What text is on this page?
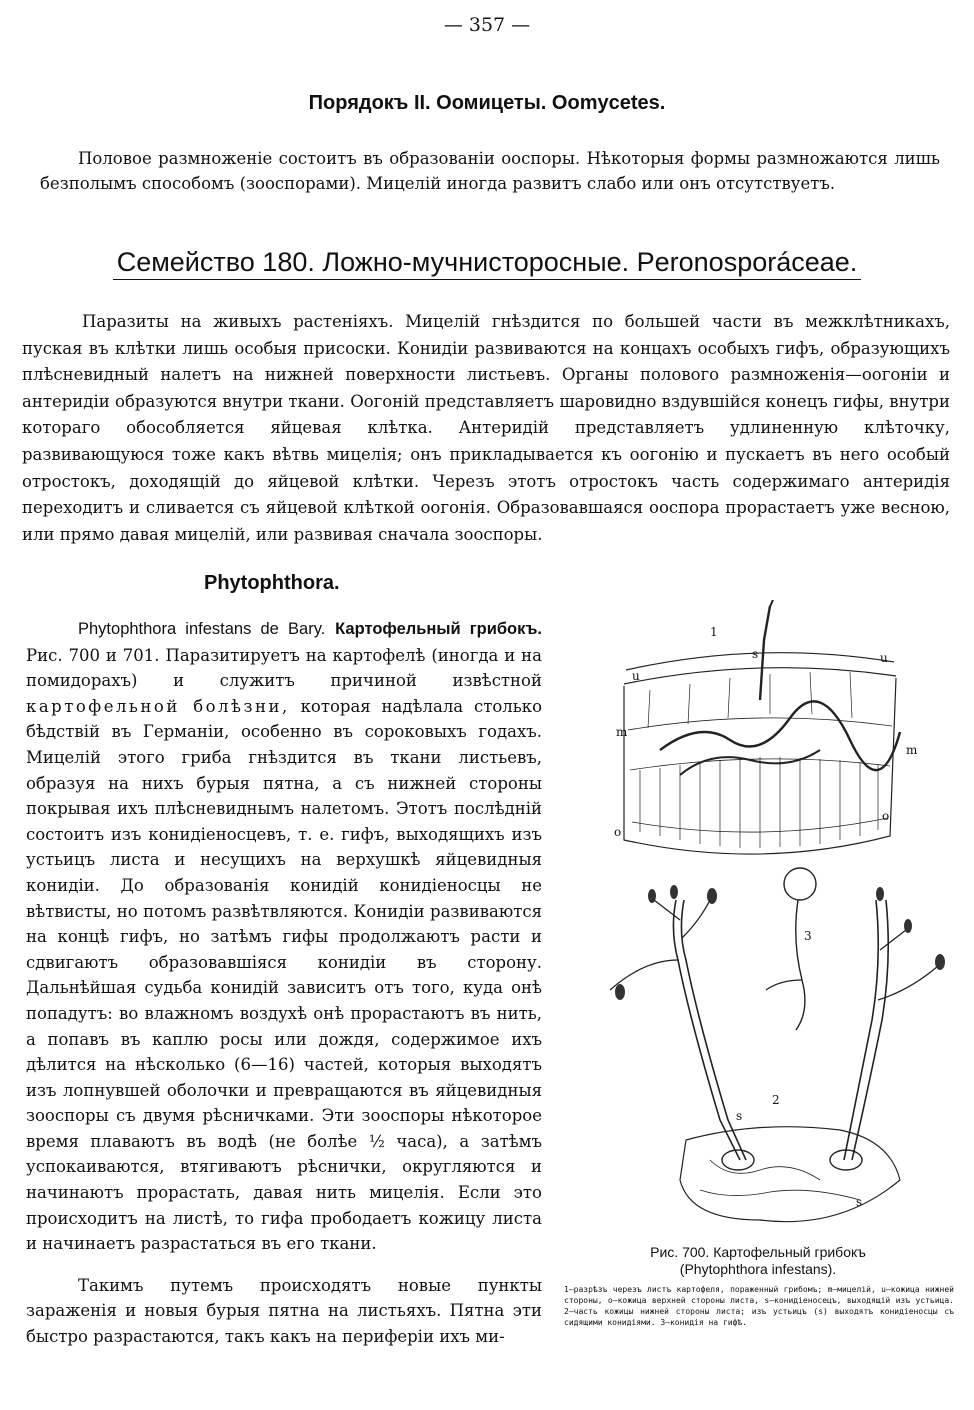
— 357 —
Порядокъ II. Оомицеты. Oomycetes.
Половое размноженіе состоитъ въ образованіи ооспоры. Нѣкоторыя формы размножаются лишь безполымъ способомъ (зооспорами). Мицелій иногда развитъ слабо или онъ отсутствуетъ.
Семейство 180. Ложно-мучнисторосные. Peronosporáceae.
Паразиты на живыхъ растеніяхъ. Мицелій гнѣздится по большей части въ межклѣтникахъ, пуская въ клѣтки лишь особыя присоски. Конидіи развиваются на концахъ особыхъ гифъ, образующихъ плѣсневидный налетъ на нижней поверхности листьевъ. Органы полового размноженія—оогоніи и антеридіи образуются внутри ткани. Оогоній представляетъ шаровидно вздувшійся конецъ гифы, внутри котораго обособляется яйцевая клѣтка. Антеридій представляетъ удлиненную клѣточку, развивающуюся тоже какъ вѣтвь мицелія; онъ прикладывается къ оогонію и пускаетъ въ него особый отростокъ, доходящій до яйцевой клѣтки. Черезъ этотъ отростокъ часть содержимаго антеридія переходитъ и сливается съ яйцевой клѣткой оогонія. Образовавшаяся ооспора прорастаетъ уже весною, или прямо давая мицелій, или развивая сначала зооспоры.
Phytophthora.

Phytophthora infestans de Bary. Картофельный грибокъ. Рис. 700 и 701. Паразитируетъ на картофелѣ (иногда и на помидорахъ) и служитъ причиной извѣстной картофельной болѣзни, которая надѣлала столько бѣдствій въ Германіи, особенно въ сороковыхъ годахъ. Мицелій этого гриба гнѣздится въ ткани листьевъ, образуя на нихъ бурыя пятна, а съ нижней стороны покрывая ихъ плѣсневиднымъ налетомъ. Этотъ послѣдній состоитъ изъ конидіеносцевъ, т. е. гифъ, выходящихъ изъ устьицъ листа и несущихъ на верхушкѣ яйцевидныя конидіи. До образованія конидій конидіеносцы не вѣтвисты, но потомъ развѣтвляются. Конидіи развиваются на концѣ гифъ, но затѣмъ гифы продолжаютъ расти и сдвигаютъ образовавшіяся конидіи въ сторону. Дальнѣйшая судьба конидій зависитъ отъ того, куда онѣ попадутъ: во влажномъ воздухѣ онѣ прорастаютъ въ нить, а попавъ въ каплю росы или дождя, содержимое ихъ дѣлится на нѣсколько (6—16) частей, которыя выходятъ изъ лопнувшей оболочки и превращаются въ яйцевидныя зооспоры съ двумя рѣсничками. Эти зооспоры нѣкоторое время плаваютъ въ водѣ (не болѣе ½ часа), а затѣмъ успокаиваются, втягиваютъ рѣснички, округляются и начинаютъ прорастать, давая нить мицелія. Если это происходитъ на листѣ, то гифа прободаетъ кожицу листа и начинаетъ разрастаться въ его ткани.

Такимъ путемъ происходятъ новые пункты зараженія и новыя бурыя пятна на листьяхъ. Пятна эти быстро разрастаются, такъ какъ на периферіи ихъ ми-

1
s	u
u
m
m
o
o
3
2
s
s
Рис. 700. Картофельный грибокъ
(Phytophthora infestans).
1—разрѣзъ черезъ листъ картофеля, пораженный грибомъ; m—мицелій, u—кожица нижней стороны, o—кожица верхней стороны листа, s—конидіеносецъ, выходящій изъ устьица. 2—часть кожицы нижней стороны листа; изъ устьицъ (s) выходятъ конидіеносцы съ сидящими конидіями. 3—конидія на гифѣ.
